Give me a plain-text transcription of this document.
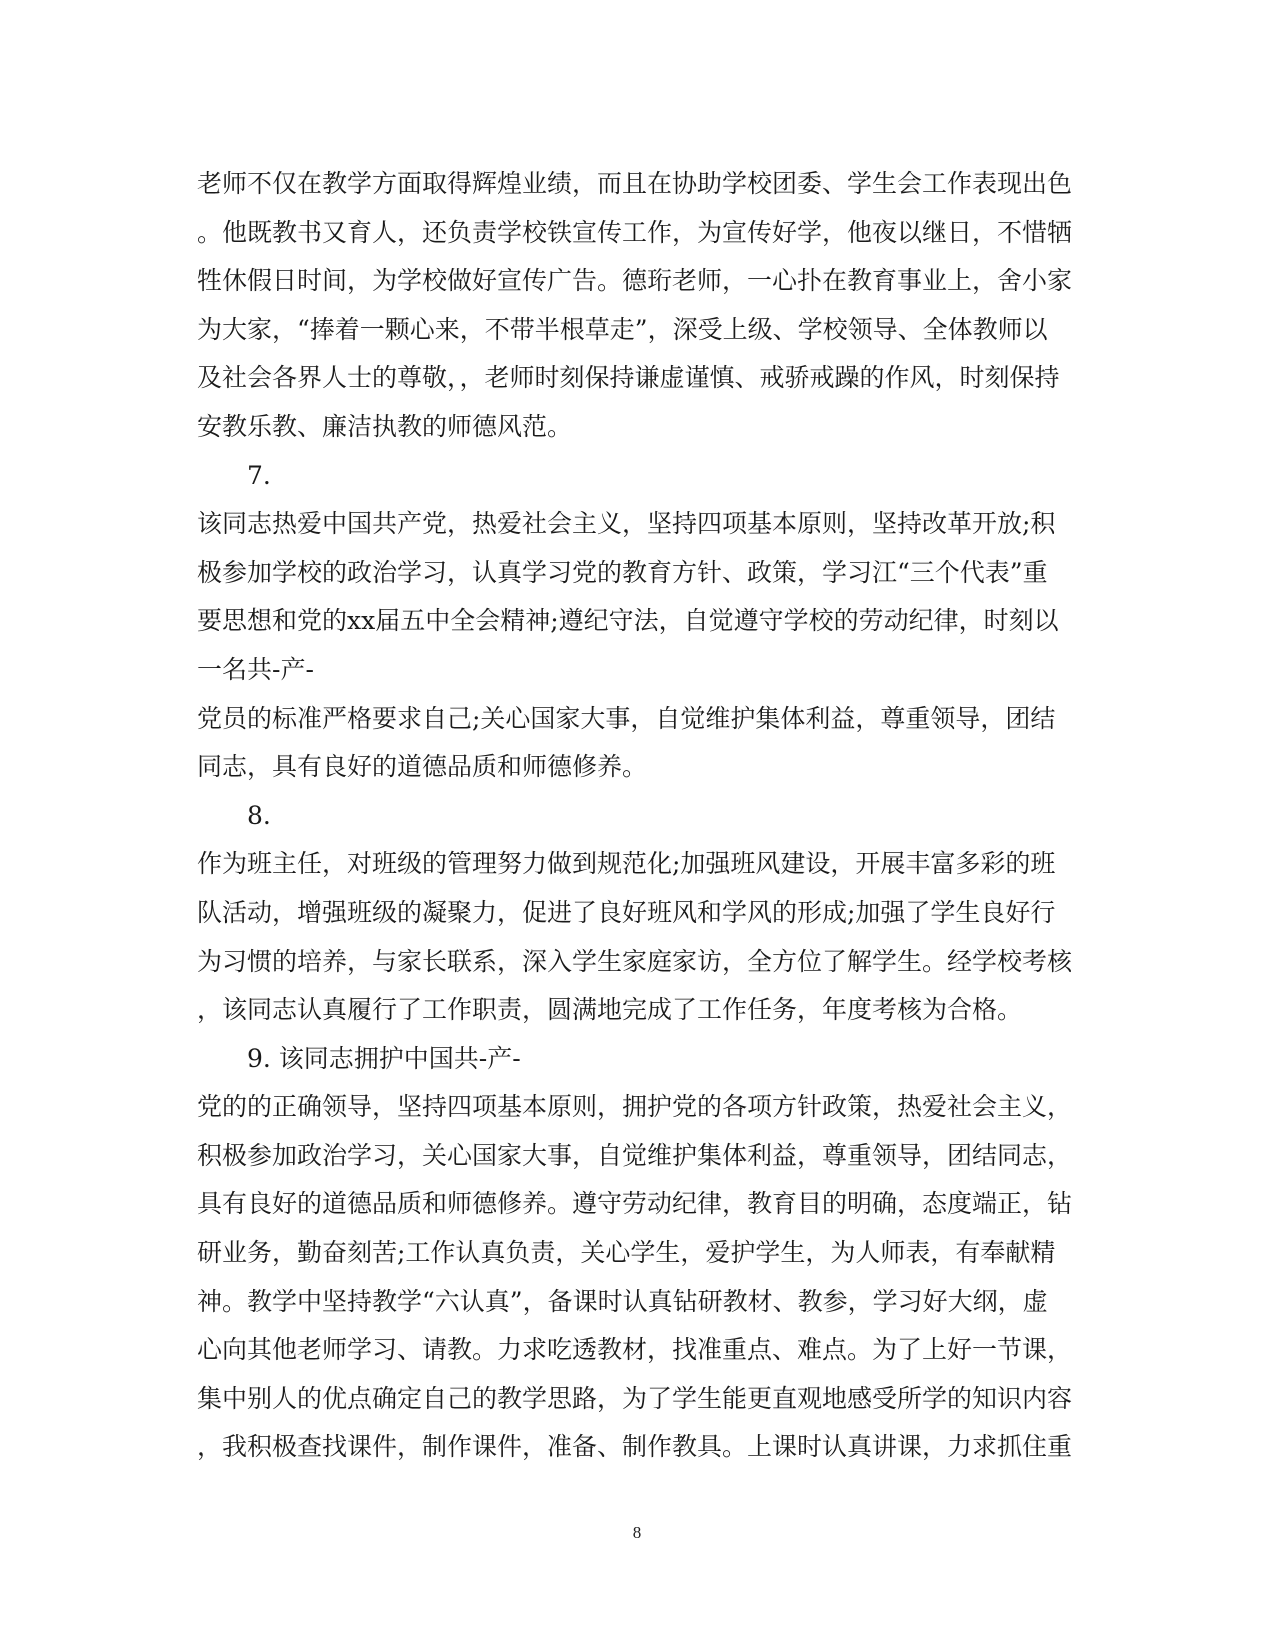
老师不仅在教学方面取得辉煌业绩，而且在协助学校团委、学生会工作表现出色
。他既教书又育人，还负责学校铁宣传工作，为宣传好学，他夜以继日，不惜牺
牲休假日时间，为学校做好宣传广告。德珩老师，一心扑在教育事业上，舍小家
为大家，“捧着一颗心来，不带半根草走”，深受上级、学校领导、全体教师以
及社会各界人士的尊敬，，老师时刻保持谦虚谨慎、戒骄戒躁的作风，时刻保持
安教乐教、廉洁执教的师德风范。
7.
该同志热爱中国共产党，热爱社会主义，坚持四项基本原则，坚持改革开放;积
极参加学校的政治学习，认真学习党的教育方针、政策，学习江“三个代表”重
要思想和党的xx届五中全会精神;遵纪守法，自觉遵守学校的劳动纪律，时刻以
一名共-产-
党员的标准严格要求自己;关心国家大事，自觉维护集体利益，尊重领导，团结
同志，具有良好的道德品质和师德修养。
8.
作为班主任，对班级的管理努力做到规范化;加强班风建设，开展丰富多彩的班
队活动，增强班级的凝聚力，促进了良好班风和学风的形成;加强了学生良好行
为习惯的培养，与家长联系，深入学生家庭家访，全方位了解学生。经学校考核
，该同志认真履行了工作职责，圆满地完成了工作任务，年度考核为合格。
9. 该同志拥护中国共-产-
党的的正确领导，坚持四项基本原则，拥护党的各项方针政策，热爱社会主义，
积极参加政治学习，关心国家大事，自觉维护集体利益，尊重领导，团结同志，
具有良好的道德品质和师德修养。遵守劳动纪律，教育目的明确，态度端正，钻
研业务，勤奋刻苦;工作认真负责，关心学生，爱护学生，为人师表，有奉献精
神。教学中坚持教学“六认真”，备课时认真钻研教材、教参，学习好大纲，虚
心向其他老师学习、请教。力求吃透教材，找准重点、难点。为了上好一节课，
集中别人的优点确定自己的教学思路，为了学生能更直观地感受所学的知识内容
，我积极查找课件，制作课件，准备、制作教具。上课时认真讲课，力求抓住重
8
